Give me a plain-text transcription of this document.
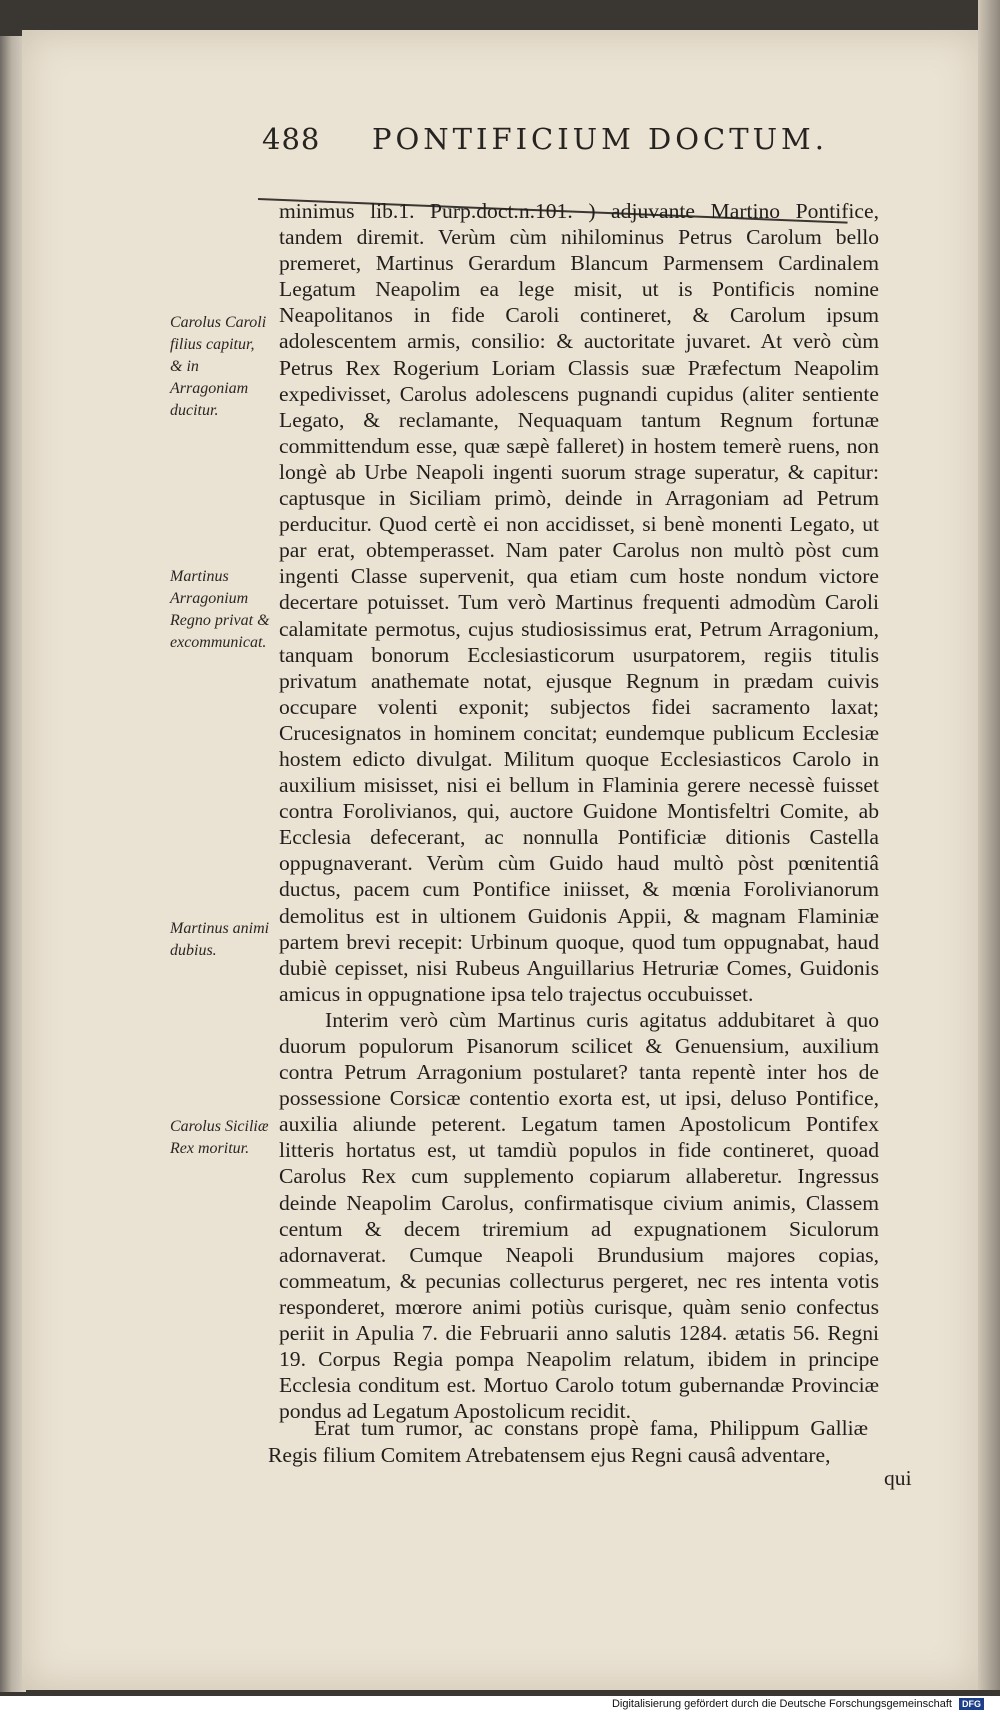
488 PONTIFICIUM DOCTUM.

minimus lib.1. Purp.doct.n.101. ) adjuvante Martino Pontifice, tandem diremit. Verùm cùm nihilominus Petrus Carolum bello premeret, Martinus Gerardum Blancum Parmensem Cardinalem Legatum Neapolim ea lege misit, ut is Pontificis nomine Neapolitanos in fide Caroli contineret, & Carolum ipsum adolescentem armis, consilio: & auctoritate juvaret. At verò cùm Petrus Rex Rogerium Loriam Classis suæ Præfectum Neapolim expedivisset, Carolus adolescens pugnandi cupidus (aliter sentiente Legato, & reclamante, Nequaquam tantum Regnum fortunæ committendum esse, quæ sæpè falleret) in hostem temerè ruens, non longè ab Urbe Neapoli ingenti suorum strage superatur, & capitur: captusque in Siciliam primò, deinde in Arragoniam ad Petrum perducitur. Quod certè ei non accidisset, si benè monenti Legato, ut par erat, obtemperasset. Nam pater Carolus non multò pòst cum ingenti Classe supervenit, qua etiam cum hoste nondum victore decertare potuisset. Tum verò Martinus frequenti admodùm Caroli calamitate permotus, cujus studiosissimus erat, Petrum Arragonium, tanquam bonorum Ecclesiasticorum usurpatorem, regiis titulis privatum anathemate notat, ejusque Regnum in prædam cuivis occupare volenti exponit; subjectos fidei sacramento laxat; Crucesignatos in hominem concitat; eundemque publicum Ecclesiæ hostem edicto divulgat. Militum quoque Ecclesiasticos Carolo in auxilium misisset, nisi ei bellum in Flaminia gerere necessè fuisset contra Forolivianos, qui, auctore Guidone Montisfeltri Comite, ab Ecclesia defecerant, ac nonnulla Pontificiæ ditionis Castella oppugnaverant. Verùm cùm Guido haud multò pòst pœnitentiâ ductus, pacem cum Pontifice iniisset, & mœnia Forolivianorum demolitus est in ultionem Guidonis Appii, & magnam Flaminiæ partem brevi recepit: Urbinum quoque, quod tum oppugnabat, haud dubiè cepisset, nisi Rubeus Anguillarius Hetruriæ Comes, Guidonis amicus in oppugnatione ipsa telo trajectus occubuisset.

Interim verò cùm Martinus curis agitatus addubitaret à quo duorum populorum Pisanorum scilicet & Genuensium, auxilium contra Petrum Arragonium postularet? tanta repentè inter hos de possessione Corsicæ contentio exorta est, ut ipsi, deluso Pontifice, auxilia aliunde peterent. Legatum tamen Apostolicum Pontifex litteris hortatus est, ut tamdiù populos in fide contineret, quoad Carolus Rex cum supplemento copiarum allaberetur. Ingressus deinde Neapolim Carolus, confirmatisque civium animis, Classem centum & decem triremium ad expugnationem Siculorum adornaverat. Cumque Neapoli Brundusium majores copias, commeatum, & pecunias collecturus pergeret, nec res intenta votis responderet, mœrore animi potiùs curisque, quàm senio confectus periit in Apulia 7. die Februarii anno salutis 1284. ætatis 56. Regni 19. Corpus Regia pompa Neapolim relatum, ibidem in principe Ecclesia conditum est. Mortuo Carolo totum gubernandæ Provinciæ pondus ad Legatum Apostolicum recidit.

Carolus Caroli filius capitur, & in Arragoniam ducitur.
Martinus Arragonium Regno privat & excommunicat.
Martinus animi dubius.
Carolus Siciliæ Rex moritur.
Erat tum rumor, ac constans propè fama, Philippum Galliæ Regis filium Comitem Atrebatensem ejus Regni causâ adventare,
qui
Digitalisierung gefördert durch die Deutsche Forschungsgemeinschaft DFG
